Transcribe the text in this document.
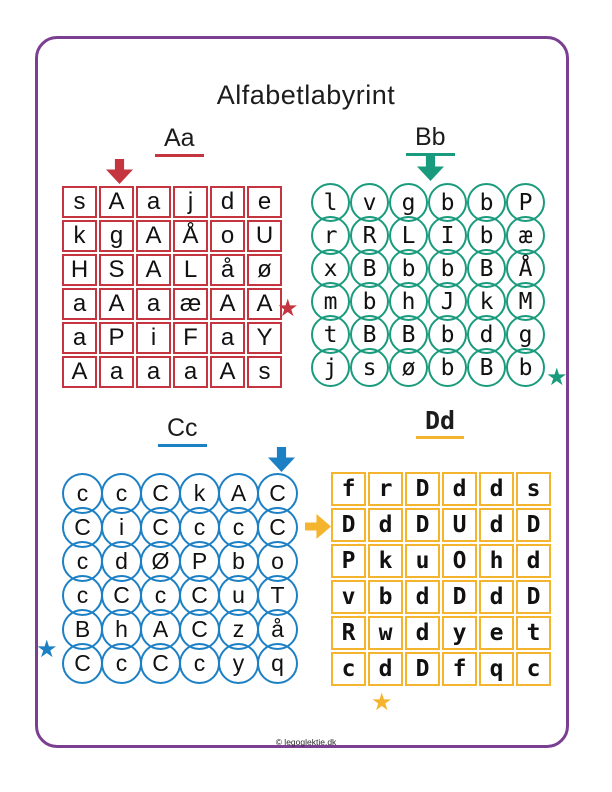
Alfabetlabyrint
Aa
s A a	j	d e
k	g A Å o U
H S A L å ø
a A a æ A A
a P	i	F a Y
A a a a A s
★
Bb
l	v	g	b	b	P
r	R	L	I	b	æ
x	B	b	b	B	Å
m	b	h	J	k	M
t	B	B	b	d	g
j	s	ø	b	B	b ★
Cc
c	c	C	k	A	C
C	i	C	c	c	C
c	d	Ø P	b	o
c	C	c	C	u	T
B	h	A	C	z	å
C	c	C	c	y	q
★
Dd
f	r	D	d	d	s
D	d	D	U	d	D
P	k	u	O	h	d
v	b	d	D	d	D
R	w	d	y	e	t
c	d	D	f	q	c
★
© legoglektie.dk
